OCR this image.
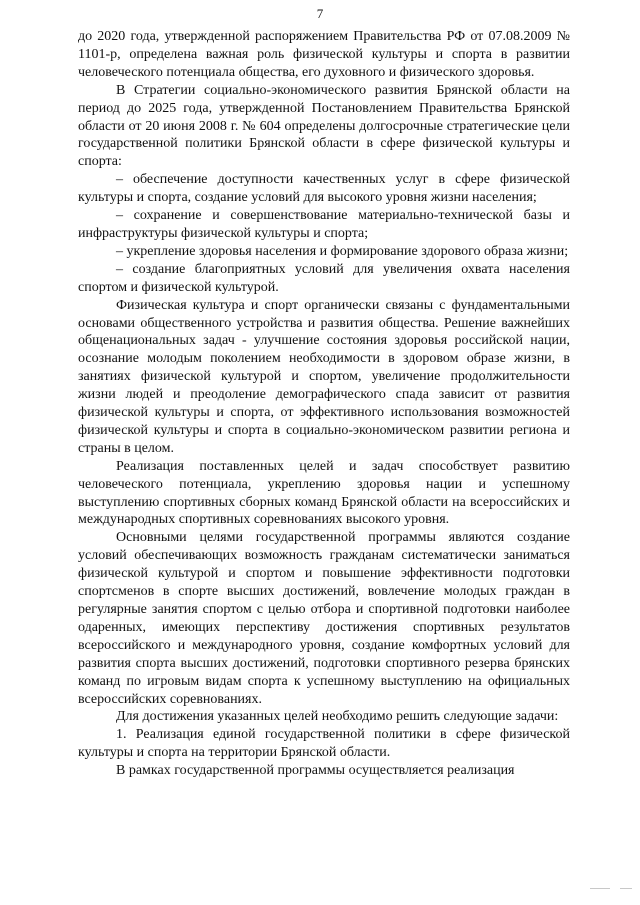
7

до 2020 года, утвержденной распоряжением Правительства РФ от 07.08.2009 № 1101-р, определена важная роль физической культуры и спорта в развитии человеческого потенциала общества, его духовного и физического здоровья.

В Стратегии социально-экономического развития Брянской области на период до 2025 года, утвержденной Постановлением Правительства Брянской области от 20 июня 2008 г. № 604 определены долгосрочные стратегические цели государственной политики Брянской области в сфере физической культуры и спорта:

– обеспечение доступности качественных услуг в сфере физической культуры и спорта, создание условий для высокого уровня жизни населения;

– сохранение и совершенствование материально-технической базы и инфраструктуры физической культуры и спорта;

– укрепление здоровья населения и формирование здорового образа жизни;

– создание благоприятных условий для увеличения охвата населения спортом и физической культурой.

Физическая культура и спорт органически связаны с фундаментальными основами общественного устройства и развития общества. Решение важнейших общенациональных задач - улучшение состояния здоровья российской нации, осознание молодым поколением необходимости в здоровом образе жизни, в занятиях физической культурой и спортом, увеличение продолжительности жизни людей и преодоление демографического спада зависит от развития физической культуры и спорта, от эффективного использования возможностей физической культуры и спорта в социально-экономическом развитии региона и страны в целом.

Реализация поставленных целей и задач способствует развитию человеческого потенциала, укреплению здоровья нации и успешному выступлению спортивных сборных команд Брянской области на всероссийских и международных спортивных соревнованиях высокого уровня.

Основными целями государственной программы являются создание условий обеспечивающих возможность гражданам систематически заниматься физической культурой и спортом и повышение эффективности подготовки спортсменов в спорте высших достижений, вовлечение молодых граждан в регулярные занятия спортом с целью отбора и спортивной подготовки наиболее одаренных, имеющих перспективу достижения спортивных результатов всероссийского и международного уровня, создание комфортных условий для развития спорта высших достижений, подготовки спортивного резерва брянских команд по игровым видам спорта к успешному выступлению на официальных всероссийских соревнованиях.

Для достижения указанных целей необходимо решить следующие задачи:

1. Реализация единой государственной политики в сфере физической культуры и спорта на территории Брянской области.

В рамках государственной программы осуществляется реализация
